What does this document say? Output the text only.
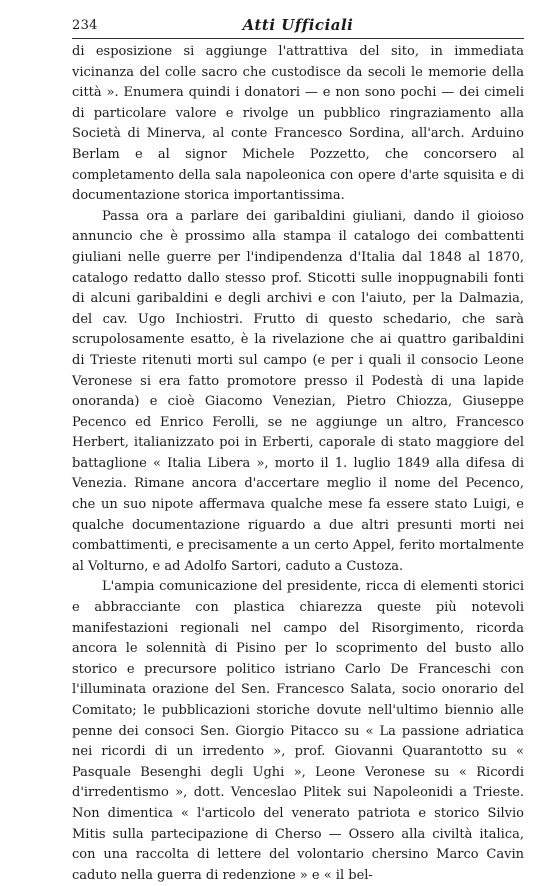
234	Atti Ufficiali

di esposizione si aggiunge l'attrattiva del sito, in immediata vicinanza del colle sacro che custodisce da secoli le memorie della città ». Enumera quindi i donatori — e non sono pochi — dei cimeli di particolare valore e rivolge un pubblico ringraziamento alla Società di Minerva, al conte Francesco Sordina, all'arch. Arduino Berlam e al signor Michele Pozzetto, che concorsero al completamento della sala napoleonica con opere d'arte squisita e di documentazione storica importantissima.

Passa ora a parlare dei garibaldini giuliani, dando il gioioso annuncio che è prossimo alla stampa il catalogo dei combattenti giuliani nelle guerre per l'indipendenza d'Italia dal 1848 al 1870, catalogo redatto dallo stesso prof. Sticotti sulle inoppugnabili fonti di alcuni garibaldini e degli archivi e con l'aiuto, per la Dalmazia, del cav. Ugo Inchiostri. Frutto di questo schedario, che sarà scrupolosamente esatto, è la rivelazione che ai quattro garibaldini di Trieste ritenuti morti sul campo (e per i quali il consocio Leone Veronese si era fatto promotore presso il Podestà di una lapide onoranda) e cioè Giacomo Venezian, Pietro Chiozza, Giuseppe Pecenco ed Enrico Ferolli, se ne aggiunge un altro, Francesco Herbert, italianizzato poi in Erberti, caporale di stato maggiore del battaglione « Italia Libera », morto il 1. luglio 1849 alla difesa di Venezia. Rimane ancora d'accertare meglio il nome del Pecenco, che un suo nipote affermava qualche mese fa essere stato Luigi, e qualche documentazione riguardo a due altri presunti morti nei combattimenti, e precisamente a un certo Appel, ferito mortalmente al Volturno, e ad Adolfo Sartori, caduto a Custoza.

L'ampia comunicazione del presidente, ricca di elementi storici e abbracciante con plastica chiarezza queste più notevoli manifestazioni regionali nel campo del Risorgimento, ricorda ancora le solennità di Pisino per lo scoprimento del busto allo storico e precursore politico istriano Carlo De Franceschi con l'illuminata orazione del Sen. Francesco Salata, socio onorario del Comitato; le pubblicazioni storiche dovute nell'ultimo biennio alle penne dei consoci Sen. Giorgio Pitacco su « La passione adriatica nei ricordi di un irredento », prof. Giovanni Quarantotto su « Pasquale Besenghi degli Ughi », Leone Veronese su « Ricordi d'irredentismo », dott. Venceslao Plitek sui Napoleonidi a Trieste. Non dimentica « l'articolo del venerato patriota e storico Silvio Mitis sulla partecipazione di Cherso — Ossero alla civiltà italica, con una raccolta di lettere del volontario chersino Marco Cavin caduto nella guerra di redenzione » e « il bel-
